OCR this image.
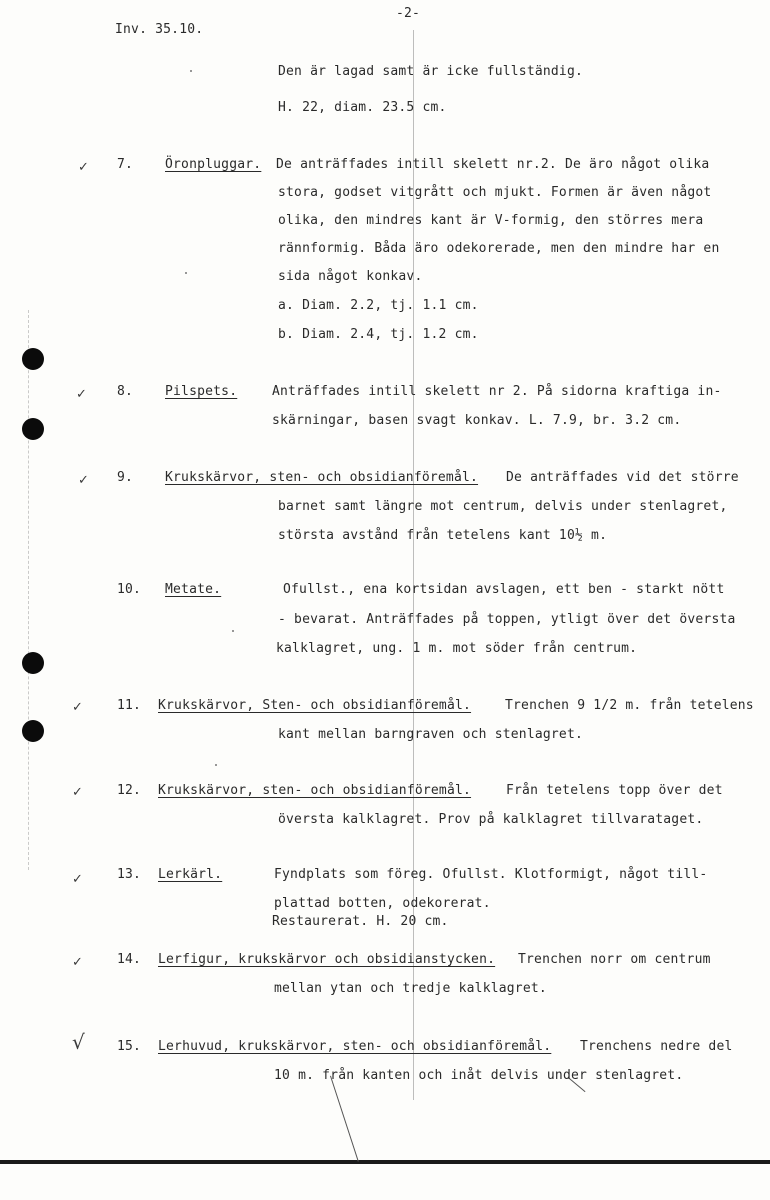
Inv. 35.10.
-2-
Den är lagad samt är icke fullständig.
H. 22, diam. 23.5 cm.
✓ 7. Öronpluggar. De anträffades intill skelett nr.2. De äro något olika
stora, godset vitgrått och mjukt. Formen är även något
olika, den mindres kant är V-formig, den störres mera
rännformig. Båda äro odekorerade, men den mindre har en
sida något konkav.
a. Diam. 2.2, tj. 1.1 cm.
b. Diam. 2.4, tj. 1.2 cm.
✓ 8. Pilspets.	Anträffades intill skelett nr 2. På sidorna kraftiga in-
skärningar, basen svagt konkav. L. 7.9, br. 3.2 cm.
✓ 9. Krukskärvor, sten- och obsidianföremål. De anträffades vid det större
barnet samt längre mot centrum, delvis under stenlagret,
största avstånd från tetelens kant 10½ m.
10. Metate.	Ofullst., ena kortsidan avslagen, ett ben - starkt nött
- bevarat. Anträffades på toppen, ytligt över det översta
kalklagret, ung. 1 m. mot söder från centrum.
✓	11. Krukskärvor, Sten- och obsidianföremål.	Trenchen 9 1/2 m. från tetelens
kant mellan barngraven och stenlagret.
✓	12. Krukskärvor, sten- och obsidianföremål.	Från tetelens topp över det
översta kalklagret. Prov på kalklagret tillvarataget.
✓	13. Lerkärl.	Fyndplats som föreg. Ofullst. Klotformigt, något till-
plattad botten, odekorerat.
Restaurerat. H. 20 cm.
✓	14. Lerfigur, krukskärvor och obsidianstycken. Trenchen norr om centrum
mellan ytan och tredje kalklagret.
√ 15. Lerhuvud, krukskärvor, sten- och obsidianföremål. Trenchens nedre del
10 m. från kanten och inåt delvis under stenlagret.
